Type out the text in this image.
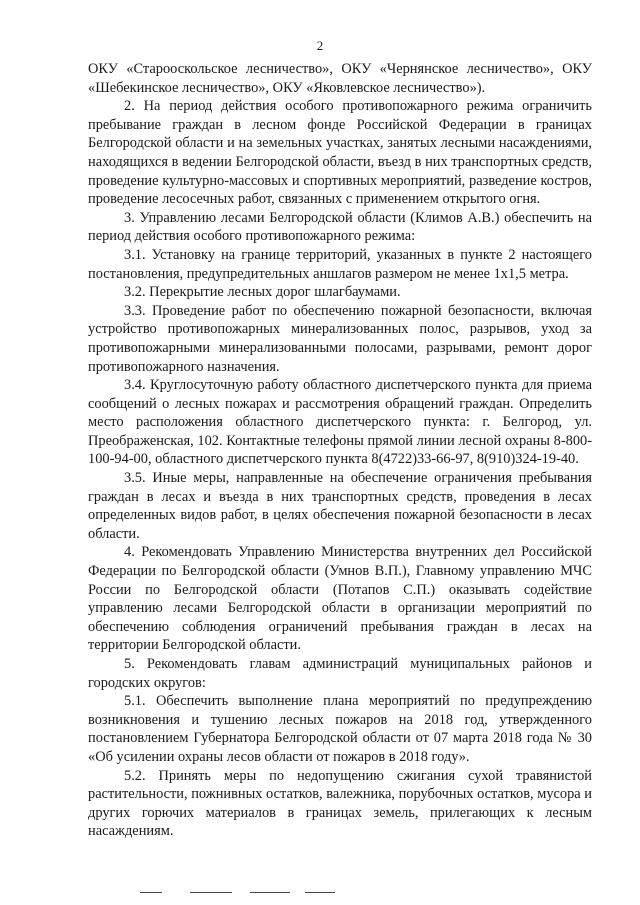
2

ОКУ «Старооскольское лесничество», ОКУ «Чернянское лесничество», ОКУ «Шебекинское лесничество», ОКУ «Яковлевское лесничество»).

2. На период действия особого противопожарного режима ограничить пребывание граждан в лесном фонде Российской Федерации в границах Белгородской области и на земельных участках, занятых лесными насаждениями, находящихся в ведении Белгородской области, въезд в них транспортных средств, проведение культурно-массовых и спортивных мероприятий, разведение костров, проведение лесосечных работ, связанных с применением открытого огня.

3. Управлению лесами Белгородской области (Климов А.В.) обеспечить на период действия особого противопожарного режима:

3.1. Установку на границе территорий, указанных в пункте 2 настоящего постановления, предупредительных аншлагов размером не менее 1х1,5 метра.

3.2. Перекрытие лесных дорог шлагбаумами.

3.3. Проведение работ по обеспечению пожарной безопасности, включая устройство противопожарных минерализованных полос, разрывов, уход за противопожарными минерализованными полосами, разрывами, ремонт дорог противопожарного назначения.

3.4. Круглосуточную работу областного диспетчерского пункта для приема сообщений о лесных пожарах и рассмотрения обращений граждан. Определить место расположения областного диспетчерского пункта: г. Белгород, ул. Преображенская, 102. Контактные телефоны прямой линии лесной охраны 8-800-100-94-00, областного диспетчерского пункта 8(4722)33-66-97, 8(910)324-19-40.

3.5. Иные меры, направленные на обеспечение ограничения пребывания граждан в лесах и въезда в них транспортных средств, проведения в лесах определенных видов работ, в целях обеспечения пожарной безопасности в лесах области.

4. Рекомендовать Управлению Министерства внутренних дел Российской Федерации по Белгородской области (Умнов В.П.), Главному управлению МЧС России по Белгородской области (Потапов С.П.) оказывать содействие управлению лесами Белгородской области в организации мероприятий по обеспечению соблюдения ограничений пребывания граждан в лесах на территории Белгородской области.

5. Рекомендовать главам администраций муниципальных районов и городских округов:

5.1. Обеспечить выполнение плана мероприятий по предупреждению возникновения и тушению лесных пожаров на 2018 год, утвержденного постановлением Губернатора Белгородской области от 07 марта 2018 года № 30 «Об усилении охраны лесов области от пожаров в 2018 году».

5.2. Принять меры по недопущению сжигания сухой травянистой растительности, пожнивных остатков, валежника, порубочных остатков, мусора и других горючих материалов в границах земель, прилегающих к лесным насаждениям.
